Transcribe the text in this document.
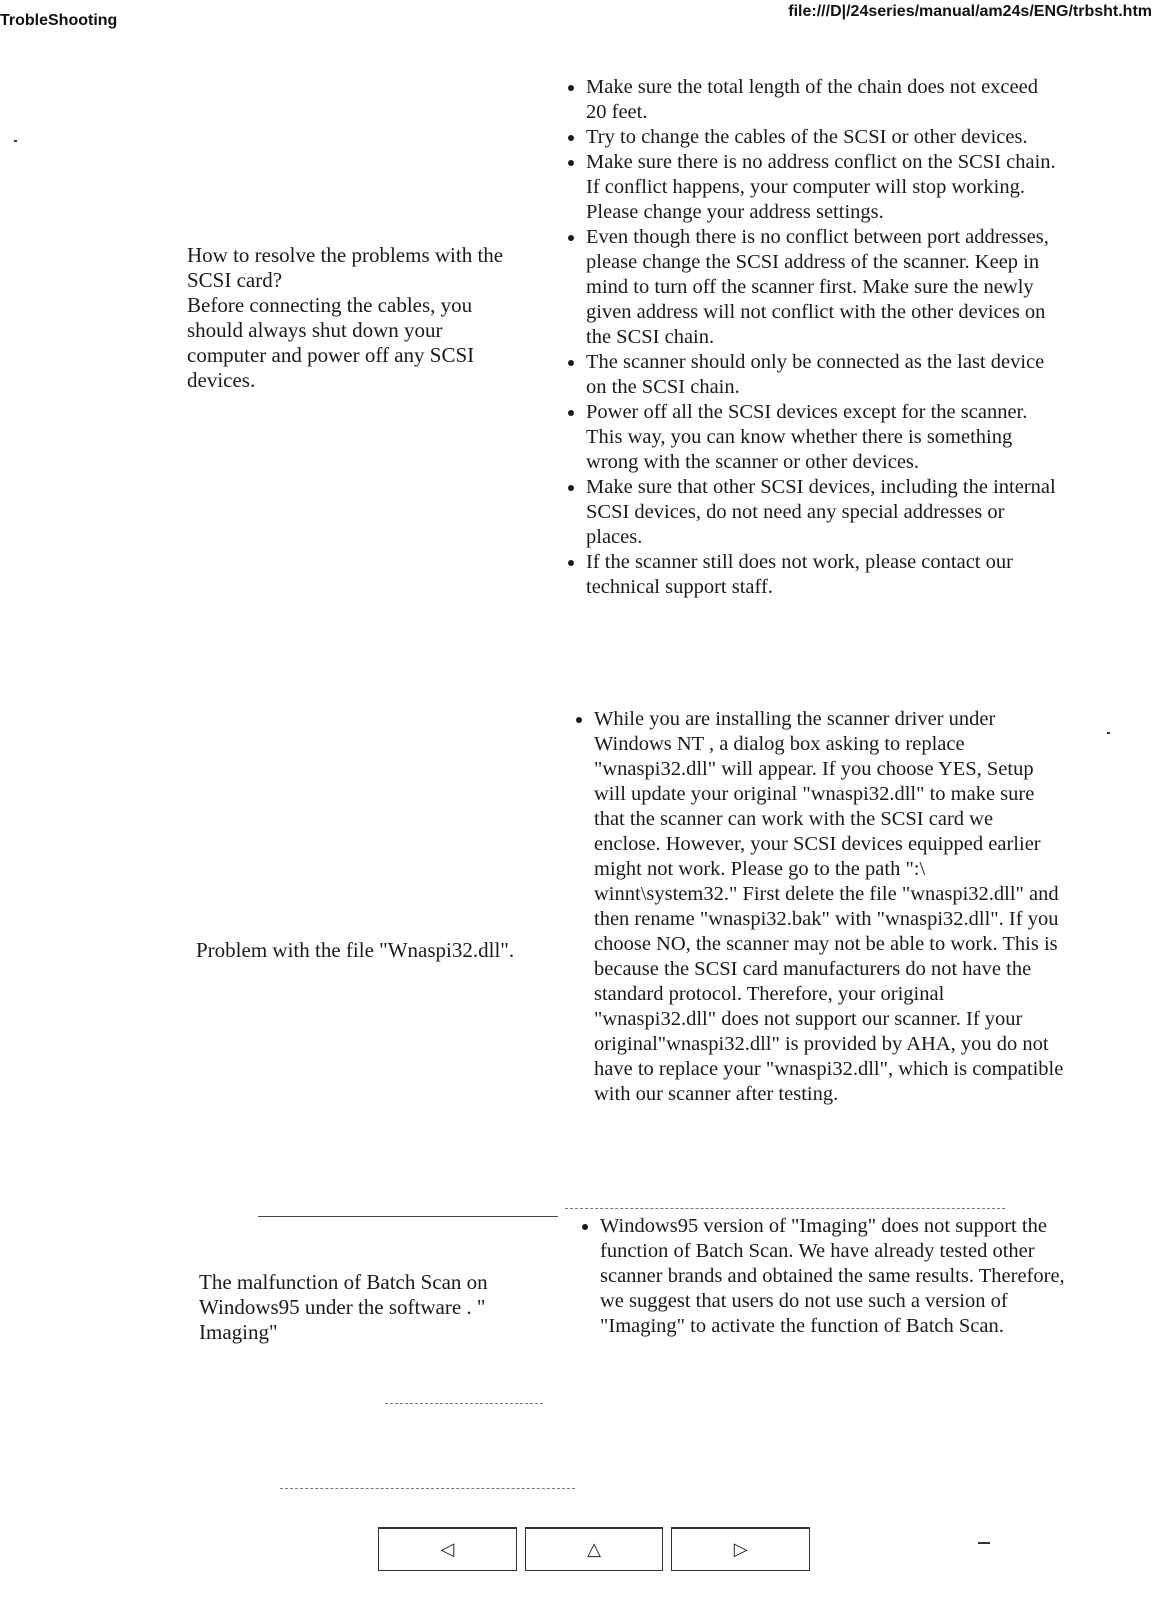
TrobleShooting
file:///D|/24series/manual/am24s/ENG/trbsht.htm

How to resolve the problems with the SCSI card?

Before connecting the cables, you should always shut down your computer and power off any SCSI devices.

• Make sure the total length of the chain does not exceed 20 feet.
• Try to change the cables of the SCSI or other devices.
• Make sure there is no address conflict on the SCSI chain. If conflict happens, your computer will stop working. Please change your address settings.
• Even though there is no conflict between port addresses, please change the SCSI address of the scanner. Keep in mind to turn off the scanner first. Make sure the newly given address will not conflict with the other devices on the SCSI chain.
• The scanner should only be connected as the last device on the SCSI chain.
• Power off all the SCSI devices except for the scanner. This way, you can know whether there is something wrong with the scanner or other devices.
• Make sure that other SCSI devices, including the internal SCSI devices, do not need any special addresses or places.
• If the scanner still does not work, please contact our technical support staff.

Problem with the file "Wnaspi32.dll".

• While you are installing the scanner driver under Windows NT , a dialog box asking to replace "wnaspi32.dll" will appear. If you choose YES, Setup will update your original "wnaspi32.dll" to make sure that the scanner can work with the SCSI card we enclose. However, your SCSI devices equipped earlier might not work. Please go to the path ":\ winnt\system32." First delete the file "wnaspi32.dll" and then rename "wnaspi32.bak" with "wnaspi32.dll". If you choose NO, the scanner may not be able to work. This is because the SCSI card manufacturers do not have the standard protocol. Therefore, your original "wnaspi32.dll" does not support our scanner. If your original"wnaspi32.dll" is provided by AHA, you do not have to replace your "wnaspi32.dll", which is compatible with our scanner after testing.

The malfunction of Batch Scan on Windows95 under the software . " Imaging"

• Windows95 version of "Imaging" does not support the function of Batch Scan. We have already tested other scanner brands and obtained the same results. Therefore, we suggest that users do not use such a version of "Imaging" to activate the function of Batch Scan.
◁	△	▷
